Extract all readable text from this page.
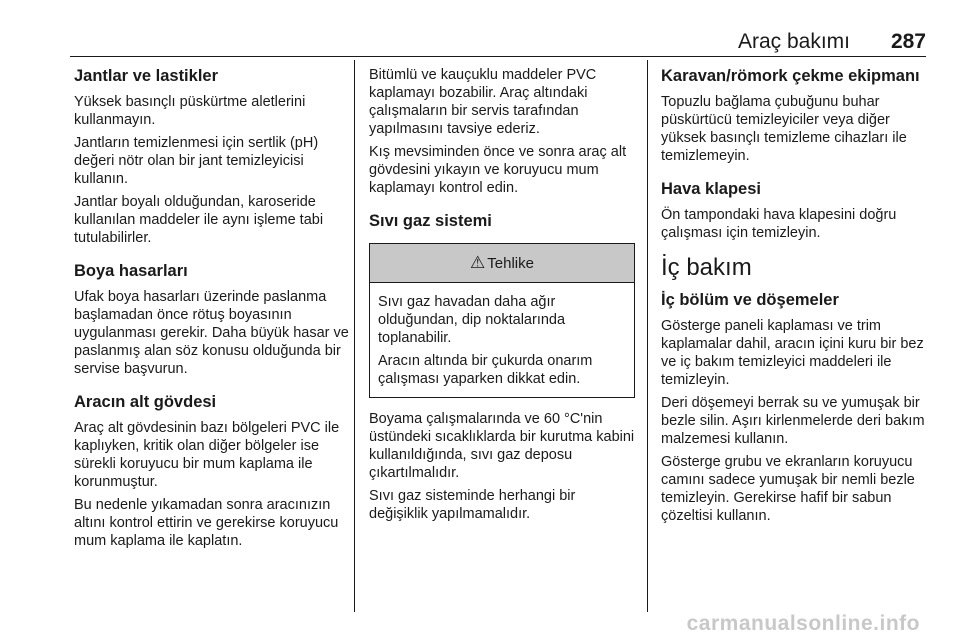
Araç bakımı 287
Jantlar ve lastikler

Yüksek basınçlı püskürtme aletlerini kullanmayın.

Jantların temizlenmesi için sertlik (pH) değeri nötr olan bir jant temizleyicisi kullanın.

Jantlar boyalı olduğundan, karoseride kullanılan maddeler ile aynı işleme tabi tutulabilirler.

Boya hasarları

Ufak boya hasarları üzerinde paslanma başlamadan önce rötuş boyasının uygulanması gerekir. Daha büyük hasar ve paslanmış alan söz konusu olduğunda bir servise başvurun.

Aracın alt gövdesi

Araç alt gövdesinin bazı bölgeleri PVC ile kaplıyken, kritik olan diğer bölgeler ise sürekli koruyucu bir mum kaplama ile korunmuştur.

Bu nedenle yıkamadan sonra aracınızın altını kontrol ettirin ve gerekirse koruyucu mum kaplama ile kaplatın.

Bitümlü ve kauçuklu maddeler PVC kaplamayı bozabilir. Araç altındaki çalışmaların bir servis tarafından yapılmasını tavsiye ederiz.

Kış mevsiminden önce ve sonra araç alt gövdesini yıkayın ve koruyucu mum kaplamayı kontrol edin.

Sıvı gaz sistemi
⚠ Tehlike

Sıvı gaz havadan daha ağır olduğundan, dip noktalarında toplanabilir.

Aracın altında bir çukurda onarım çalışması yaparken dikkat edin.

Boyama çalışmalarında ve 60 °C'nin üstündeki sıcaklıklarda bir kurutma kabini kullanıldığında, sıvı gaz deposu çıkartılmalıdır.

Sıvı gaz sisteminde herhangi bir değişiklik yapılmamalıdır.

Karavan/römork çekme ekipmanı

Topuzlu bağlama çubuğunu buhar püskürtücü temizleyiciler veya diğer yüksek basınçlı temizleme cihazları ile temizlemeyin.

Hava klapesi

Ön tampondaki hava klapesini doğru çalışması için temizleyin.

İç bakım
İç bölüm ve döşemeler

Gösterge paneli kaplaması ve trim kaplamalar dahil, aracın içini kuru bir bez ve iç bakım temizleyici maddeleri ile temizleyin.

Deri döşemeyi berrak su ve yumuşak bir bezle silin. Aşırı kirlenmelerde deri bakım malzemesi kullanın.

Gösterge grubu ve ekranların koruyucu camını sadece yumuşak bir nemli bezle temizleyin. Gerekirse hafif bir sabun çözeltisi kullanın.

carmanualsonline.info
